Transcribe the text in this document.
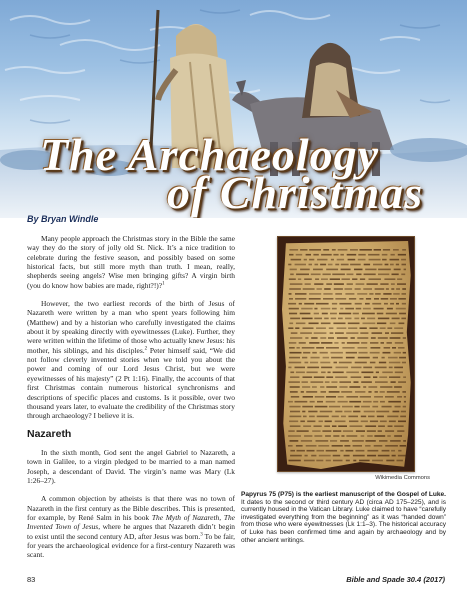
The Archaeology
of Christmas
By Bryan Windle

Many people approach the Christmas story in the Bible the same way they do the story of jolly old St. Nick. It’s a nice tradition to celebrate during the festive season, and possibly based on some historical facts, but still more myth than truth. I mean, really, shepherds seeing angels? Wise men bringing gifts? A virgin birth (you do know how babies are made, right?!)?$^1$

However, the two earliest records of the birth of Jesus of Nazareth were written by a man who spent years following him (Matthew) and by a historian who carefully investigated the claims about it by speaking directly with eyewitnesses (Luke). Further, they were written within the lifetime of those who actually knew Jesus: his mother, his siblings, and his disciples.$^2$ Peter himself said, “We did not follow cleverly invented stories when we told you about the power and coming of our Lord Jesus Christ, but we were eyewitnesses of his majesty” (2 Pt 1:16). Finally, the accounts of that first Christmas contain numerous historical synchronisms and descriptions of specific places and customs. Is it possible, over two thousand years later, to evaluate the credibility of the Christmas story through archaeology? I believe it is.

Nazareth

In the sixth month, God sent the angel Gabriel to Nazareth, a town in Galilee, to a virgin pledged to be married to a man named Joseph, a descendant of David. The virgin’s name was Mary (Lk 1:26–27).

A common objection by atheists is that there was no town of Nazareth in the first century as the Bible describes. This is presented, for example, by René Salm in his book The Myth of Nazareth, The Invented Town of Jesus, where he argues that Nazareth didn’t begin to exist until the second century AD, after Jesus was born.$^3$ To be fair, for years the archaeological evidence for a first-century Nazareth was scant.

Wikimedia Commons
Papyrus 75 (P75) is the earliest manuscript of the Gospel of Luke. It dates to the second or third century AD (circa AD 175–225), and is currently housed in the Vatican Library. Luke claimed to have “carefully investigated everything from the beginning” as it was “handed down” from those who were eyewitnesses (Lk 1:1–3). The historical accuracy of Luke has been confirmed time and again by archaeology and by other ancient writings.
83	Bible and Spade 30.4 (2017)
